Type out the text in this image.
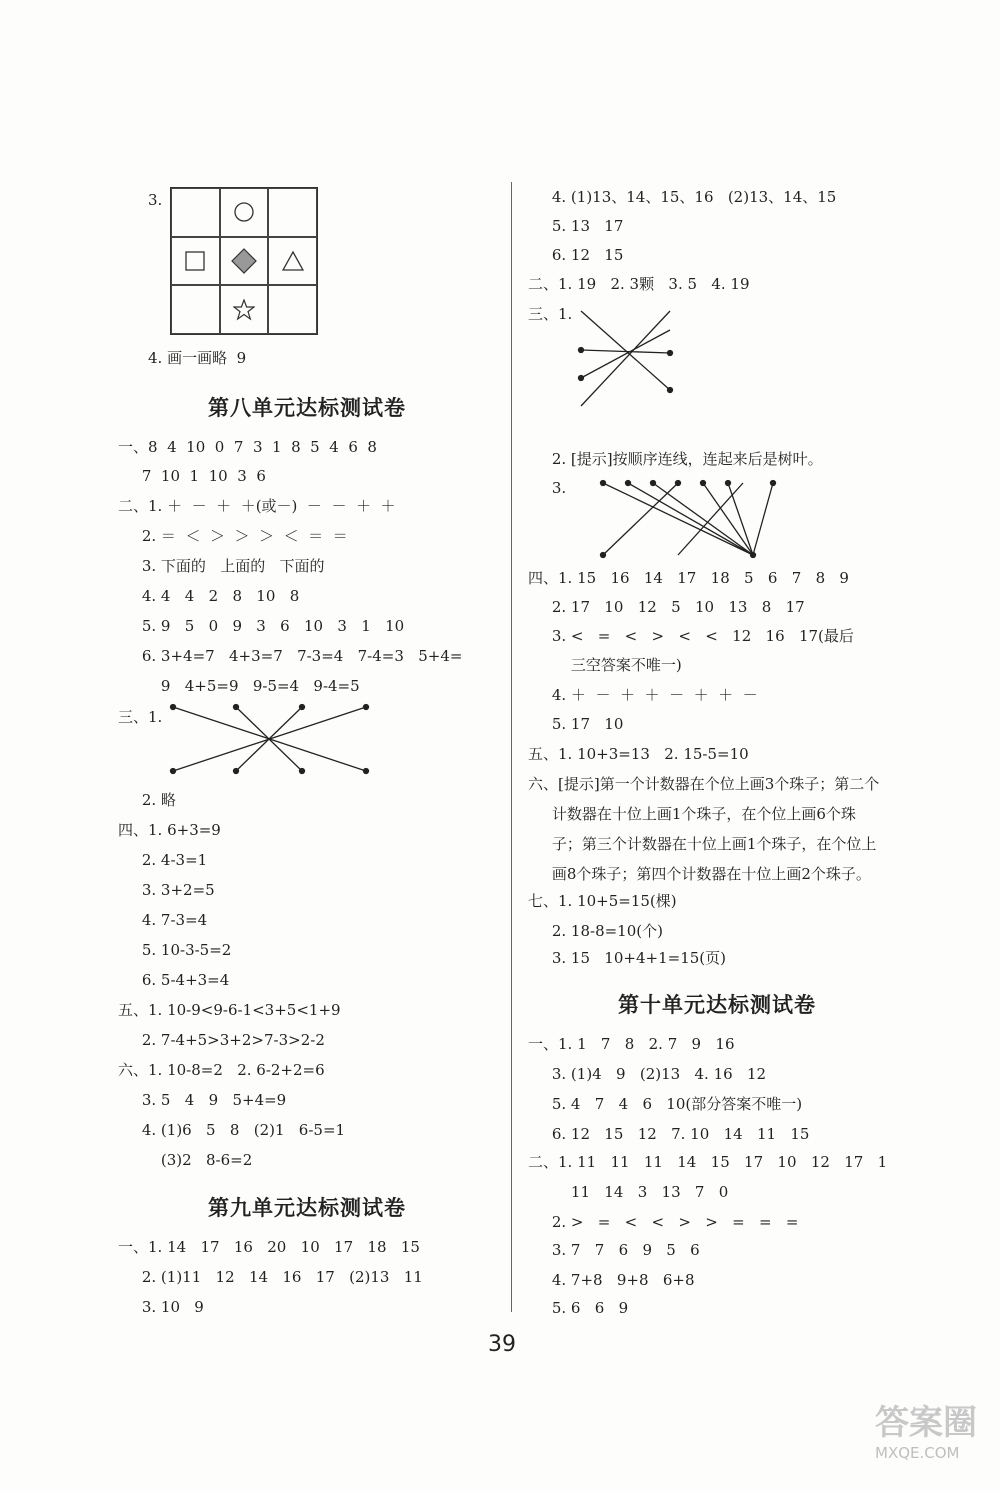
3.
4. 画一画略  9
第八单元达标测试卷
一、8  4  10  0  7  3  1  8  5  4  6  8
7  10  1  10  3  6
二、1. ＋  －  ＋  ＋(或－)  －  －  ＋  ＋
2. ＝  ＜  ＞  ＞  ＞  ＜  ＝  ＝
3. 下面的   上面的   下面的
4. 4   4   2   8   10   8
5. 9   5   0   9   3   6   10   3   1   10
6. 3+4=7   4+3=7   7-3=4   7-4=3   5+4=
9   4+5=9   9-5=4   9-4=5
三、1.
2. 略
四、1. 6+3=9
2. 4-3=1
3. 3+2=5
4. 7-3=4
5. 10-3-5=2
6. 5-4+3=4
五、1. 10-9<9-6-1<3+5<1+9
2. 7-4+5>3+2>7-3>2-2
六、1. 10-8=2   2. 6-2+2=6
3. 5   4   9   5+4=9
4. (1)6   5   8   (2)1   6-5=1
(3)2   8-6=2
第九单元达标测试卷
一、1. 14   17   16   20   10   17   18   15
2. (1)11   12   14   16   17   (2)13   11
3. 10   9
4. (1)13、14、15、16   (2)13、14、15
5. 13   17
6. 12   15
二、1. 19   2. 3颗   3. 5   4. 19
三、1.
2. [提示]按顺序连线，连起来后是树叶。
3.
四、1. 15   16   14   17   18   5   6   7   8   9
2. 17   10   12   5   10   13   8   17
3. <   =   <   >   <   <   12   16   17(最后
三空答案不唯一)
4. ＋  －  ＋  ＋  －  ＋  ＋  －
5. 17   10
五、1. 10+3=13   2. 15-5=10
六、[提示]第一个计数器在个位上画3个珠子；第二个
计数器在十位上画1个珠子，在个位上画6个珠
子；第三个计数器在十位上画1个珠子，在个位上
画8个珠子；第四个计数器在十位上画2个珠子。
七、1. 10+5=15(棵)
2. 18-8=10(个)
3. 15   10+4+1=15(页)
第十单元达标测试卷
一、1. 1   7   8   2. 7   9   16
3. (1)4   9   (2)13   4. 16   12
5. 4   7   4   6   10(部分答案不唯一)
6. 12   15   12   7. 10   14   11   15
二、1. 11   11   11   14   15   17   10   12   17   1
11   14   3   13   7   0
2. >   =   <   <   >   >   =   =   =
3. 7   7   6   9   5   6
4. 7+8   9+8   6+8
5. 6   6   9
39
答案圈
MXQE.COM
